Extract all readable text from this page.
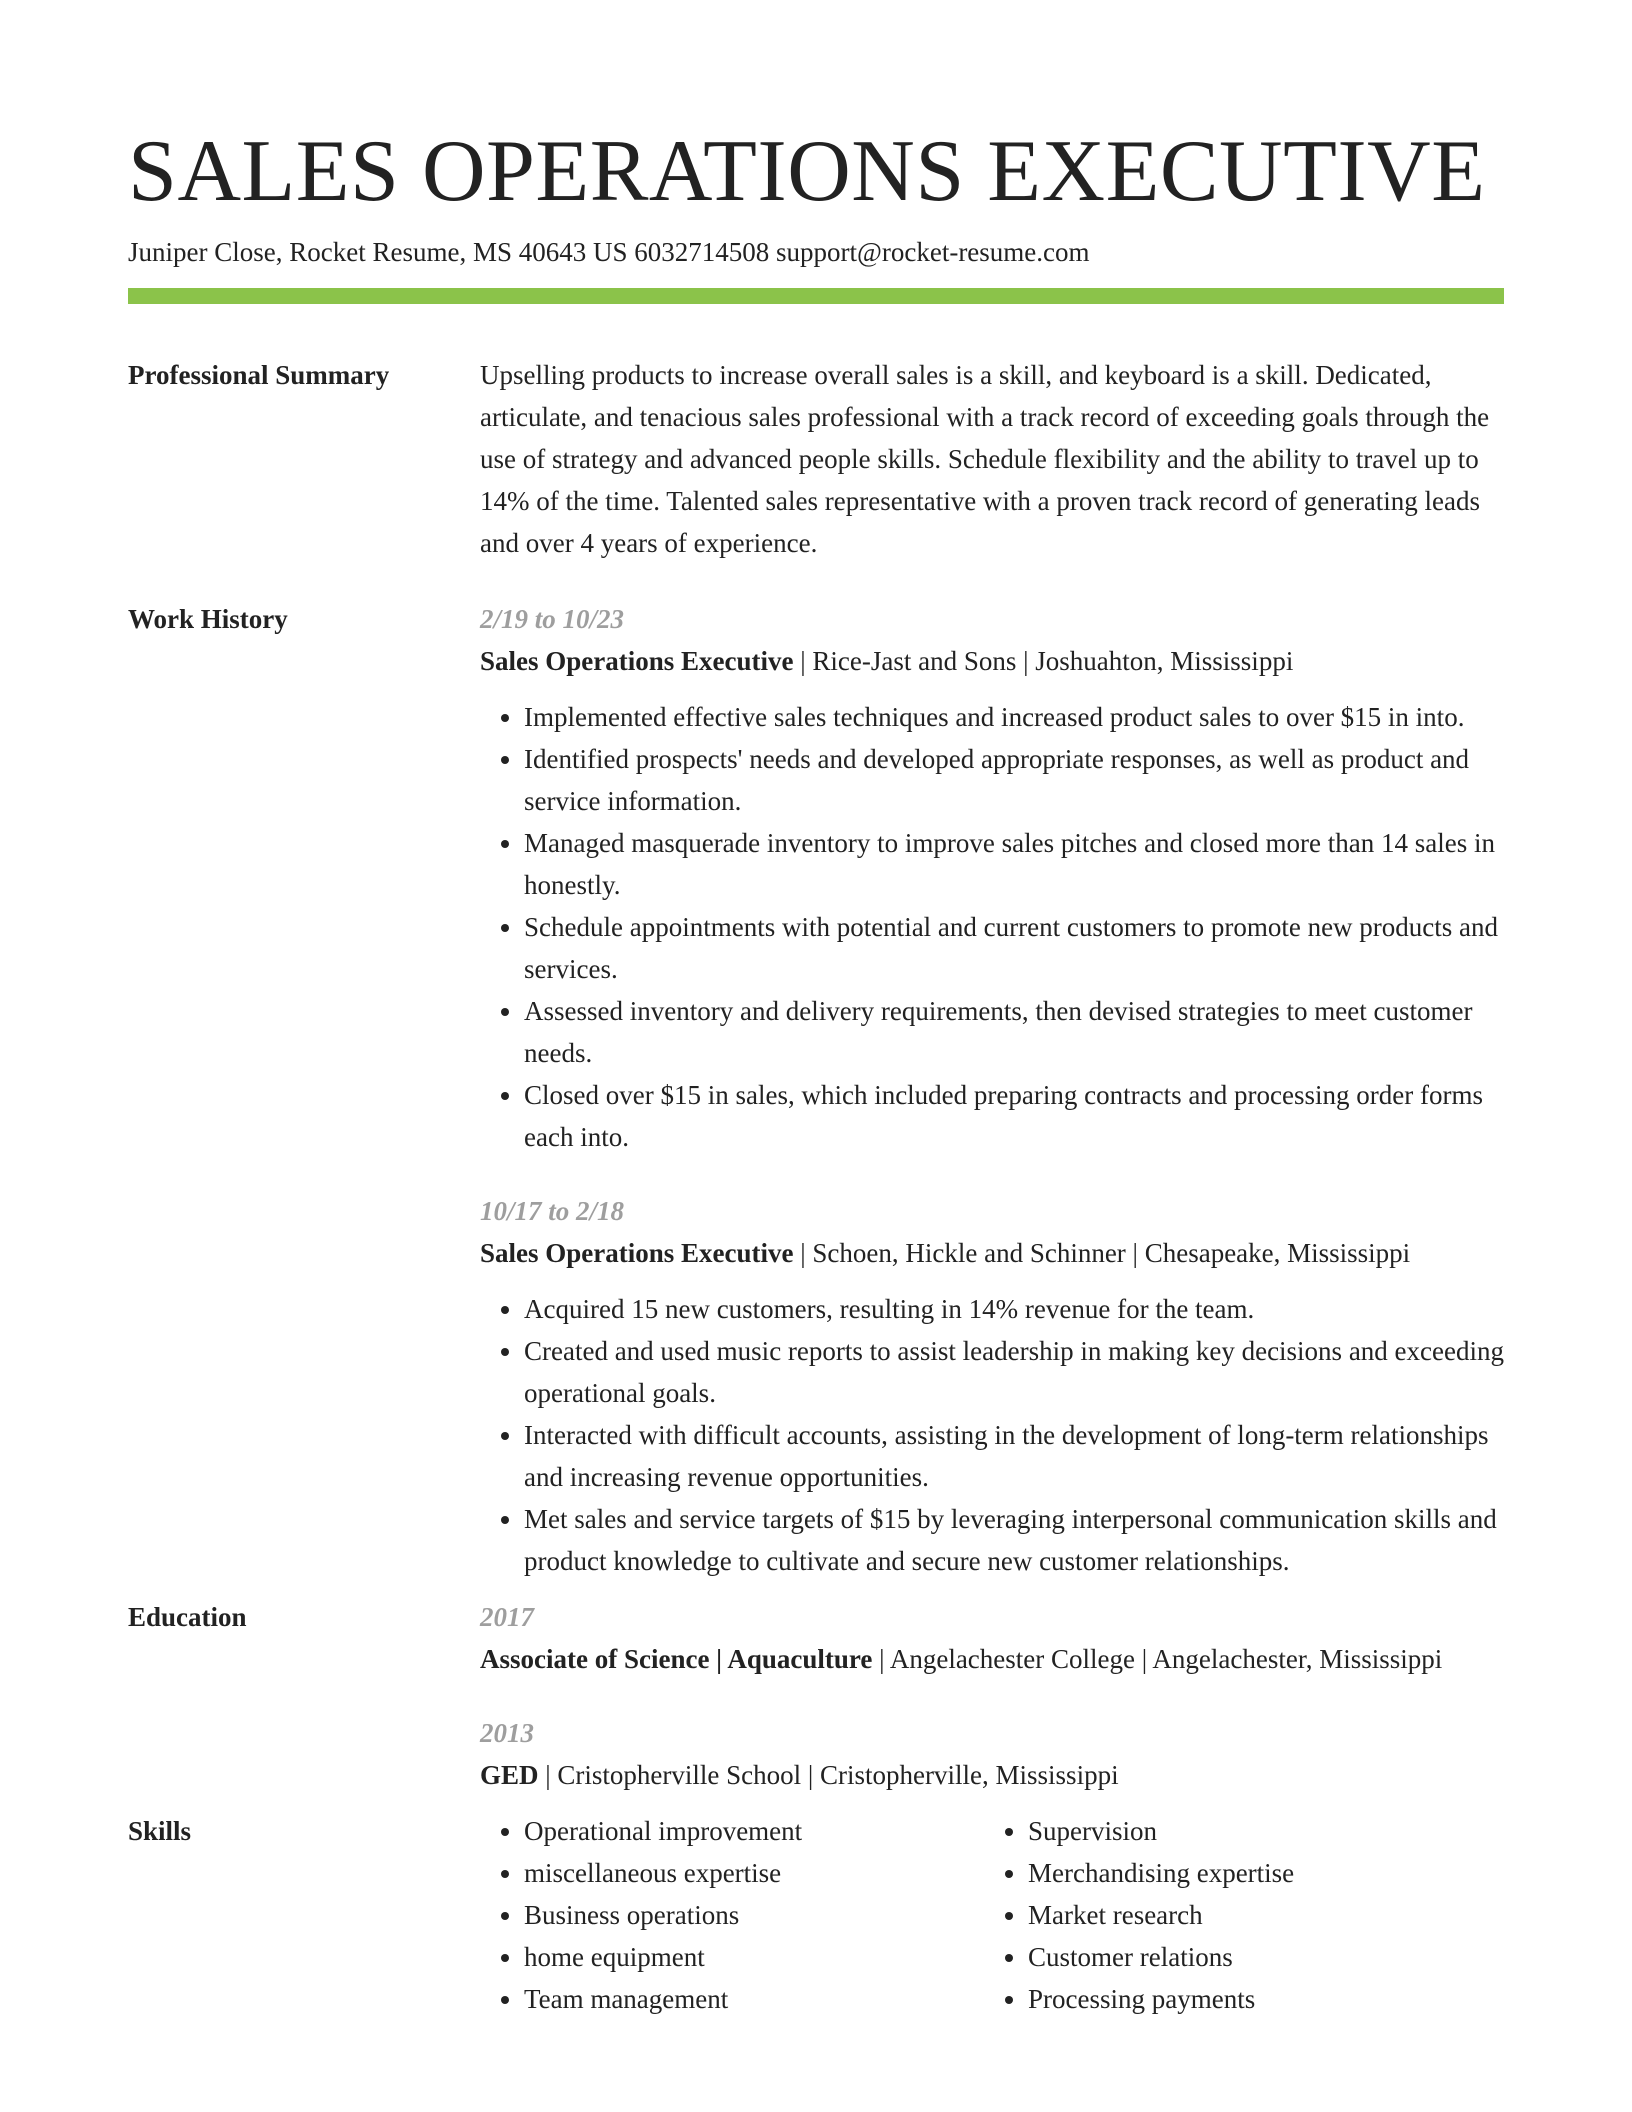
SALES OPERATIONS EXECUTIVE
Juniper Close, Rocket Resume, MS 40643 US 6032714508 support@rocket-resume.com
Professional Summary	Upselling products to increase overall sales is a skill, and keyboard is a skill. Dedicated, articulate, and tenacious sales professional with a track record of exceeding goals through the use of strategy and advanced people skills. Schedule flexibility and the ability to travel up to 14% of the time. Talented sales representative with a proven track record of generating leads and over 4 years of experience.
Work History	2/19 to 10/23
Sales Operations Executive | Rice-Jast and Sons | Joshuahton, Mississippi
• Implemented effective sales techniques and increased product sales to over $15 in into.
• Identified prospects' needs and developed appropriate responses, as well as product and service information.
• Managed masquerade inventory to improve sales pitches and closed more than 14 sales in honestly.
• Schedule appointments with potential and current customers to promote new products and services.
• Assessed inventory and delivery requirements, then devised strategies to meet customer needs.
• Closed over $15 in sales, which included preparing contracts and processing order forms each into.
10/17 to 2/18
Sales Operations Executive | Schoen, Hickle and Schinner | Chesapeake, Mississippi
• Acquired 15 new customers, resulting in 14% revenue for the team.
• Created and used music reports to assist leadership in making key decisions and exceeding operational goals.
• Interacted with difficult accounts, assisting in the development of long-term relationships and increasing revenue opportunities.
• Met sales and service targets of $15 by leveraging interpersonal communication skills and product knowledge to cultivate and secure new customer relationships.
Education	2017
Associate of Science | Aquaculture | Angelachester College | Angelachester, Mississippi
2013
GED | Cristopherville School | Cristopherville, Mississippi
Skills
•	Operational improvement
• miscellaneous expertise
• Business operations
• home equipment
• Team management
• Supervision
• Merchandising expertise
• Market research
• Customer relations
• Processing payments
